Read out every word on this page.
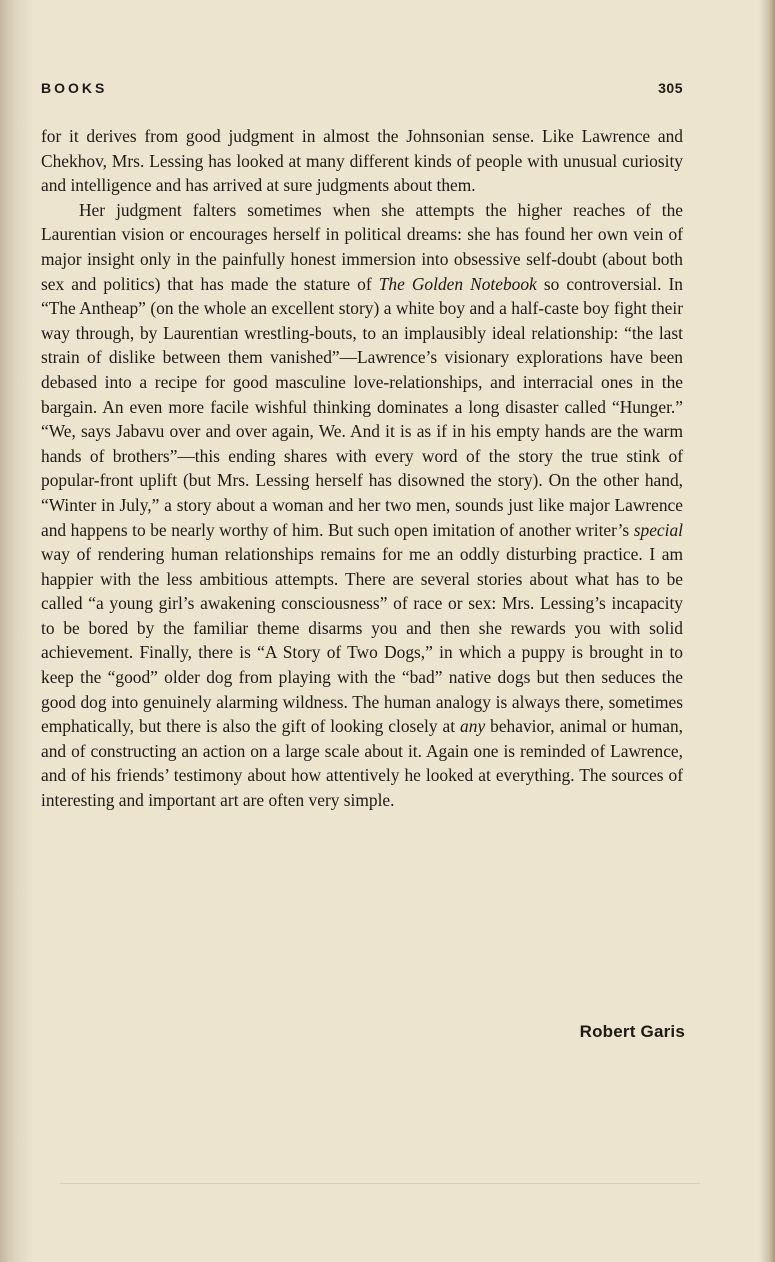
BOOKS	305

for it derives from good judgment in almost the Johnsonian sense. Like Lawrence and Chekhov, Mrs. Lessing has looked at many different kinds of people with unusual curiosity and intelligence and has arrived at sure judgments about them.

Her judgment falters sometimes when she attempts the higher reaches of the Laurentian vision or encourages herself in political dreams: she has found her own vein of major insight only in the painfully honest immersion into obsessive self-doubt (about both sex and politics) that has made the stature of The Golden Notebook so controversial. In “The Antheap” (on the whole an excellent story) a white boy and a half-caste boy fight their way through, by Laurentian wrestling-bouts, to an implausibly ideal relationship: “the last strain of dislike between them vanished”—Lawrence’s visionary explorations have been debased into a recipe for good masculine love-relationships, and interracial ones in the bargain. An even more facile wishful thinking dominates a long disaster called “Hunger.” “We, says Jabavu over and over again, We. And it is as if in his empty hands are the warm hands of brothers”—this ending shares with every word of the story the true stink of popular-front uplift (but Mrs. Lessing herself has disowned the story). On the other hand, “Winter in July,” a story about a woman and her two men, sounds just like major Lawrence and happens to be nearly worthy of him. But such open imitation of another writer’s special way of rendering human relationships remains for me an oddly disturbing practice. I am happier with the less ambitious attempts. There are several stories about what has to be called “a young girl’s awakening consciousness” of race or sex: Mrs. Lessing’s incapacity to be bored by the familiar theme disarms you and then she rewards you with solid achievement. Finally, there is “A Story of Two Dogs,” in which a puppy is brought in to keep the “good” older dog from playing with the “bad” native dogs but then seduces the good dog into genuinely alarming wildness. The human analogy is always there, sometimes emphatically, but there is also the gift of looking closely at any behavior, animal or human, and of constructing an action on a large scale about it. Again one is reminded of Lawrence, and of his friends’ testimony about how attentively he looked at everything. The sources of interesting and important art are often very simple.

Robert Garis
